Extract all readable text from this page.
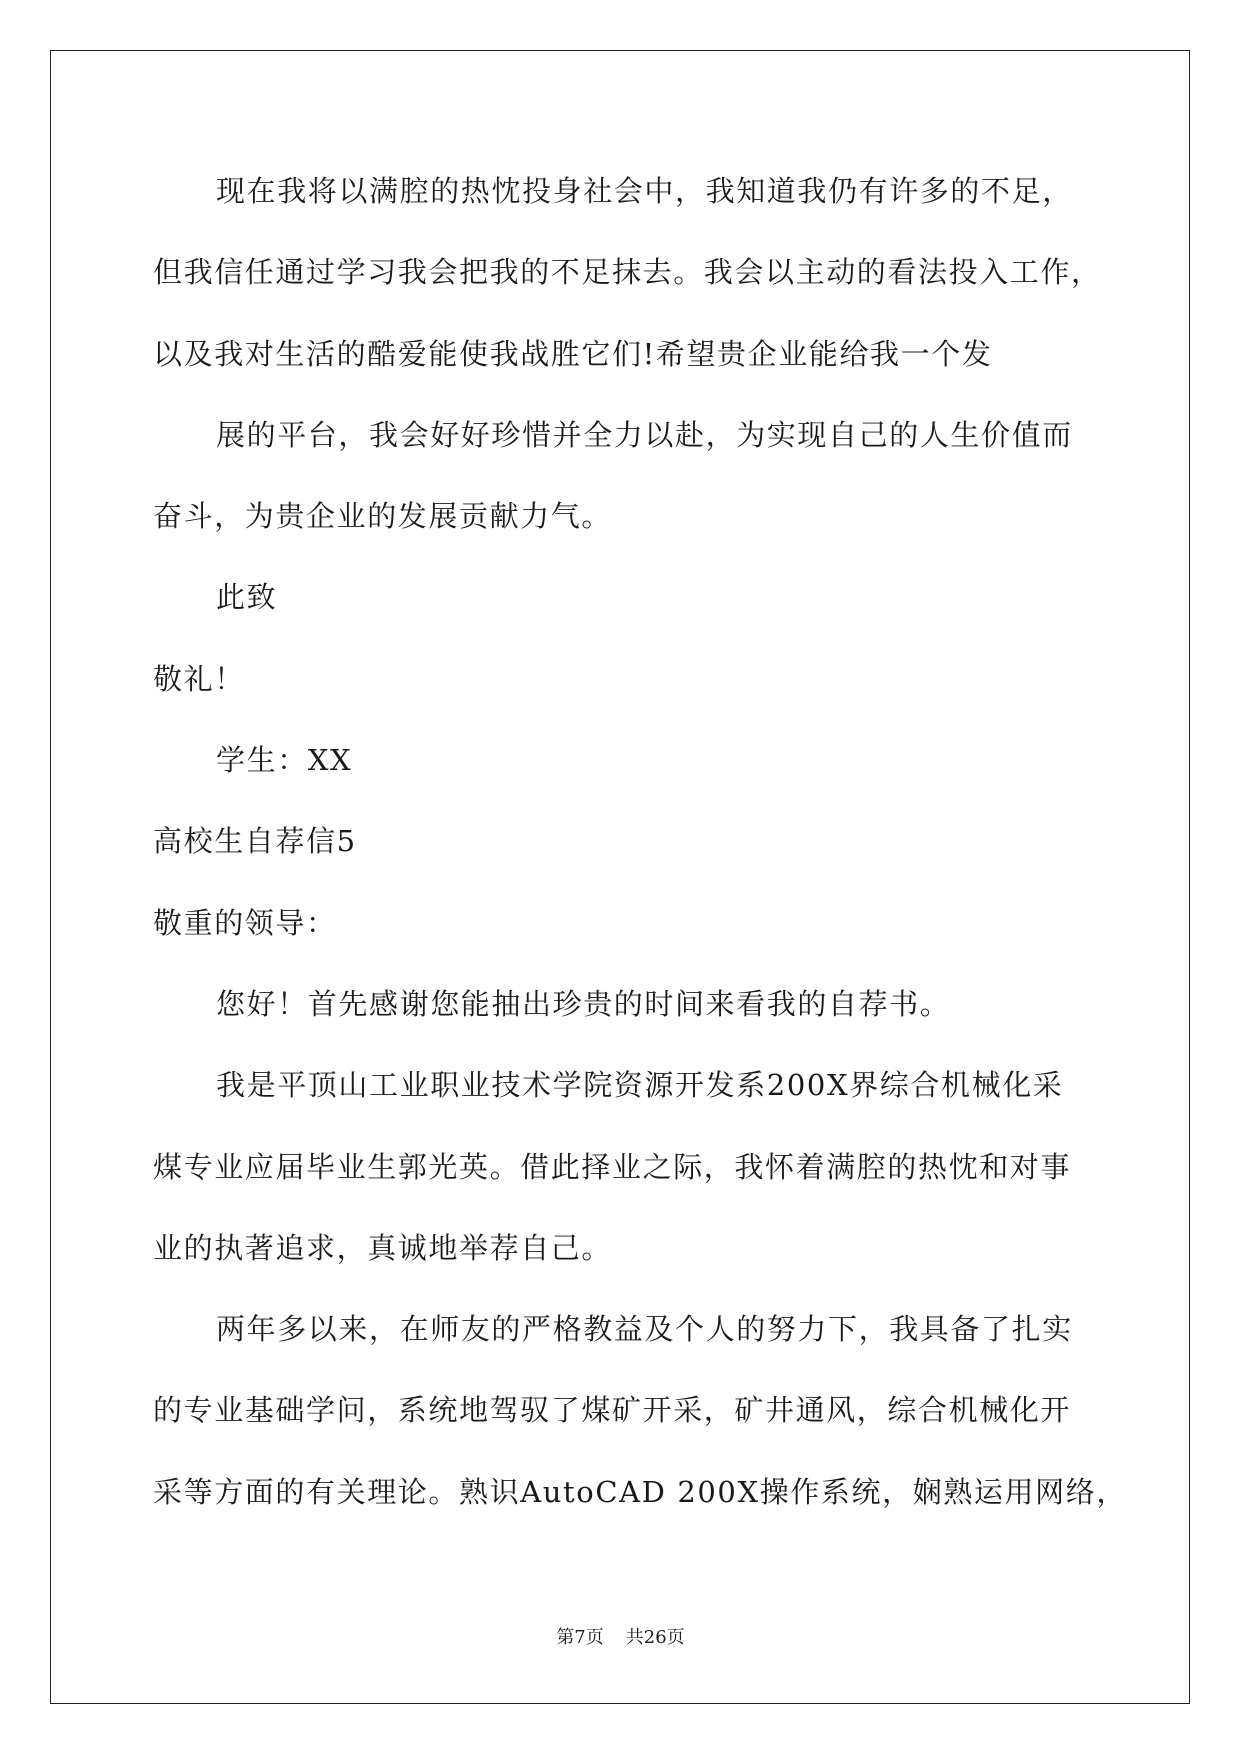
现在我将以满腔的热忱投身社会中，我知道我仍有许多的不足，
但我信任通过学习我会把我的不足抹去。我会以主动的看法投入工作，
以及我对生活的酷爱能使我战胜它们!希望贵企业能给我一个发
展的平台，我会好好珍惜并全力以赴，为实现自己的人生价值而
奋斗，为贵企业的发展贡献力气。
此致
敬礼！
学生：XX
高校生自荐信5
敬重的领导：
您好！首先感谢您能抽出珍贵的时间来看我的自荐书。
我是平顶山工业职业技术学院资源开发系200X界综合机械化采
煤专业应届毕业生郭光英。借此择业之际，我怀着满腔的热忱和对事
业的执著追求，真诚地举荐自己。
两年多以来，在师友的严格教益及个人的努力下，我具备了扎实
的专业基础学问，系统地驾驭了煤矿开采，矿井通风，综合机械化开
采等方面的有关理论。熟识AutoCAD 200X操作系统，娴熟运用网络，
第7页 共26页
